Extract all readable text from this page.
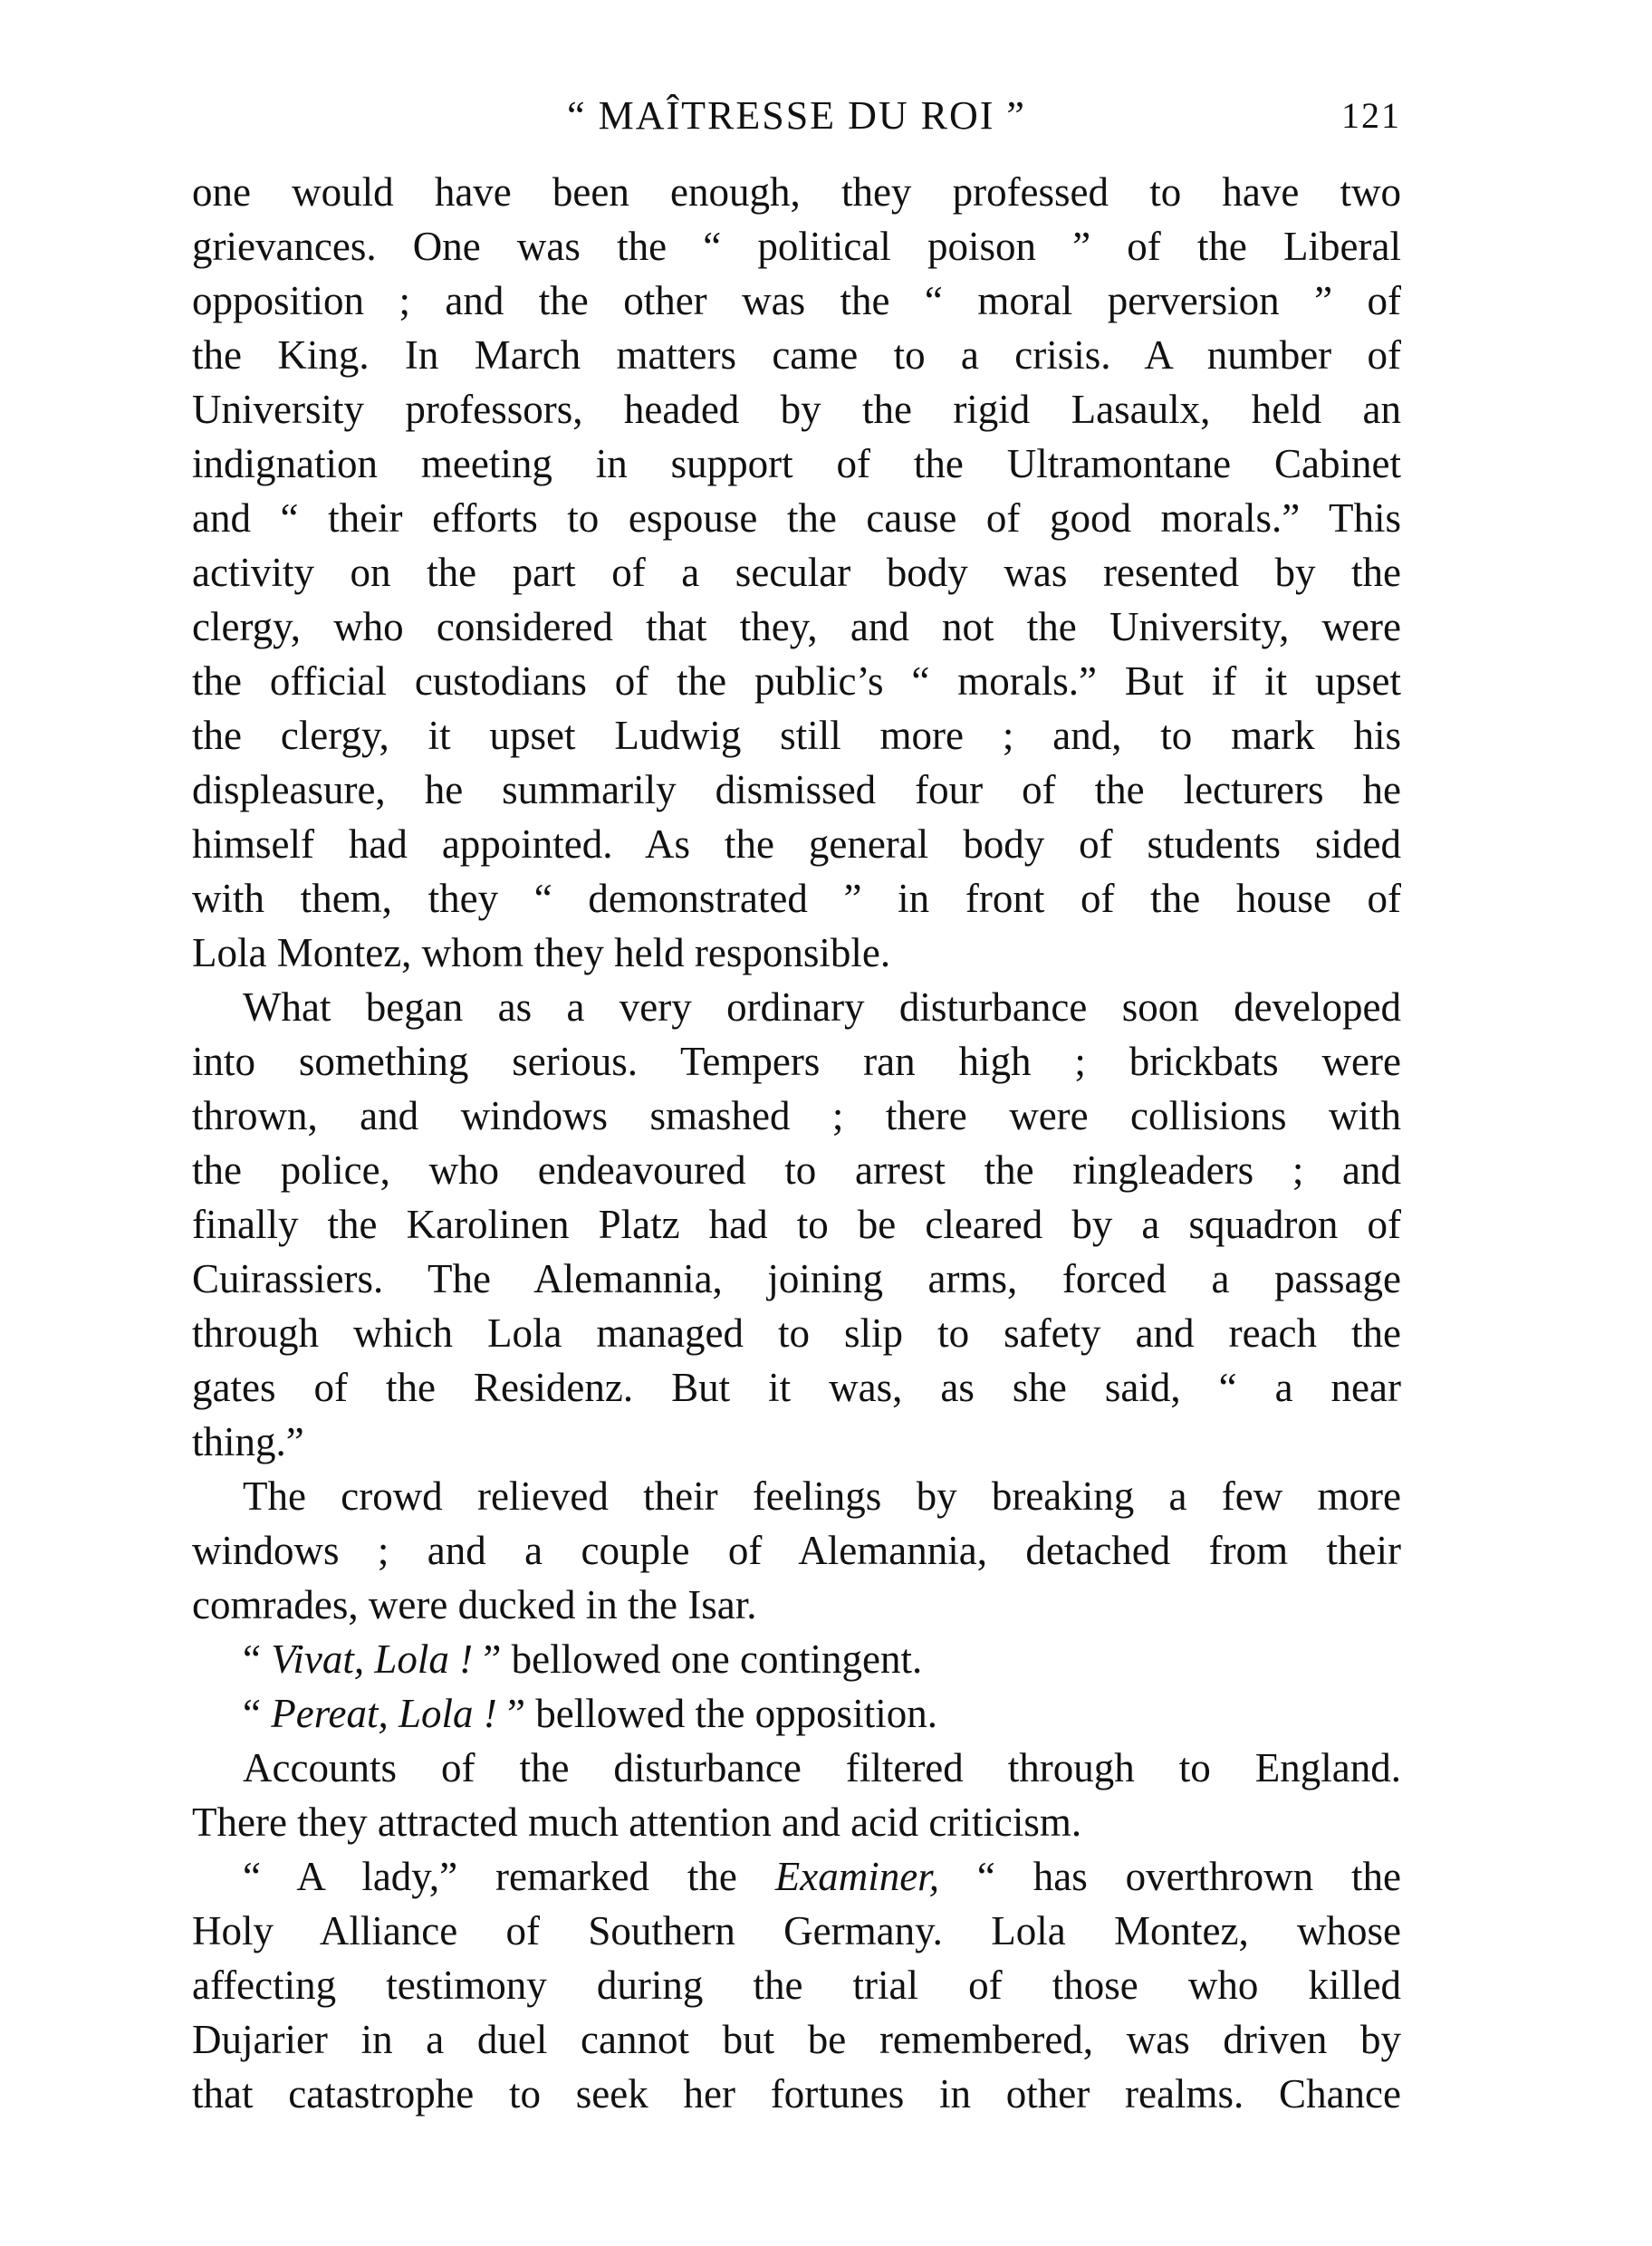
“ MAÎTRESSE DU ROI ”	121
one would have been enough, they professed to have two
grievances. One was the “ political poison ” of the Liberal
opposition ; and the other was the “ moral perversion ” of
the King. In March matters came to a crisis. A number of
University professors, headed by the rigid Lasaulx, held an
indignation meeting in support of the Ultramontane Cabinet
and “ their efforts to espouse the cause of good morals.” This
activity on the part of a secular body was resented by the
clergy, who considered that they, and not the University, were
the official custodians of the public’s “ morals.” But if it upset
the clergy, it upset Ludwig still more ; and, to mark his
displeasure, he summarily dismissed four of the lecturers he
himself had appointed. As the general body of students sided
with them, they “ demonstrated ” in front of the house of
Lola Montez, whom they held responsible.
What began as a very ordinary disturbance soon developed
into something serious. Tempers ran high ; brickbats were
thrown, and windows smashed ; there were collisions with
the police, who endeavoured to arrest the ringleaders ; and
finally the Karolinen Platz had to be cleared by a squadron of
Cuirassiers. The Alemannia, joining arms, forced a passage
through which Lola managed to slip to safety and reach the
gates of the Residenz. But it was, as she said, “ a near
thing.”
The crowd relieved their feelings by breaking a few more
windows ; and a couple of Alemannia, detached from their
comrades, were ducked in the Isar.
“ Vivat, Lola ! ” bellowed one contingent.
“ Pereat, Lola ! ” bellowed the opposition.
Accounts of the disturbance filtered through to England.
There they attracted much attention and acid criticism.
“ A lady,” remarked the Examiner, “ has overthrown the
Holy Alliance of Southern Germany. Lola Montez, whose
affecting testimony during the trial of those who killed
Dujarier in a duel cannot but be remembered, was driven by
that catastrophe to seek her fortunes in other realms. Chance
